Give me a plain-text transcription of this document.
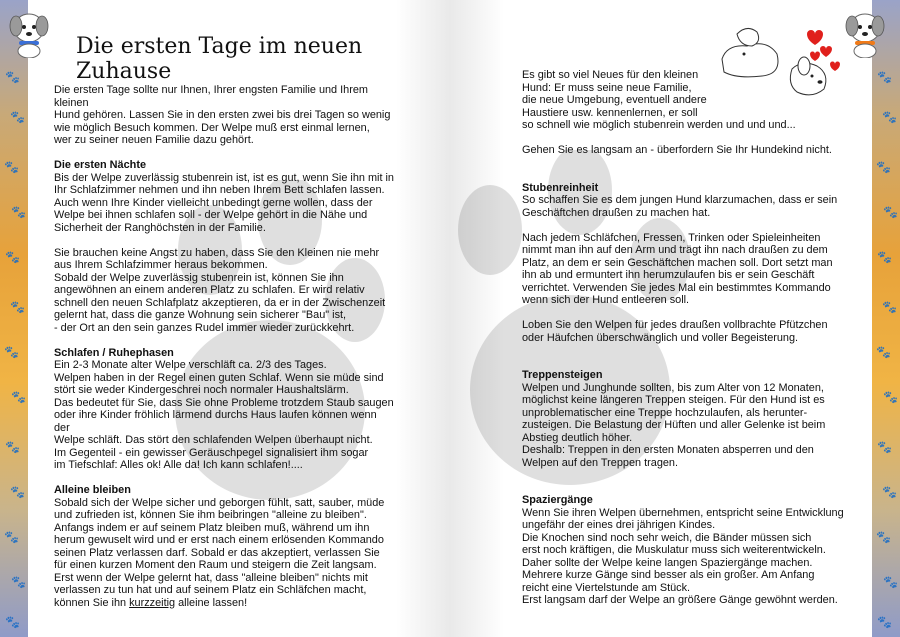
🐾
🐾
🐾
🐾
🐾
🐾
🐾
🐾
🐾
🐾
🐾
🐾
🐾
Die ersten Tage im neuen Zuhause
Die ersten Tage sollte nur Ihnen, Ihrer engsten Familie und Ihrem kleinen
Hund gehören. Lassen Sie in den ersten zwei bis drei Tagen so wenig
wie möglich Besuch kommen. Der Welpe muß erst einmal lernen,
wer zu seiner neuen Familie dazu gehört.
Die ersten Nächte
Bis der Welpe zuverlässig stubenrein ist, ist es gut, wenn Sie ihn mit in
Ihr Schlafzimmer nehmen und ihn neben Ihrem Bett schlafen lassen.
Auch wenn Ihre Kinder vielleicht unbedingt gerne wollen, dass der
Welpe bei ihnen schlafen soll - der Welpe gehört in die Nähe und
Sicherheit der Ranghöchsten in der Familie.
Sie brauchen keine Angst zu haben, dass Sie den Kleinen nie mehr
aus Ihrem Schlafzimmer heraus bekommen.
Sobald der Welpe zuverlässig stubenrein ist, können Sie ihn
angewöhnen an einem anderen Platz zu schlafen. Er wird relativ
schnell den neuen Schlafplatz akzeptieren, da er in der Zwischenzeit
gelernt hat, dass die ganze Wohnung sein sicherer "Bau" ist,
- der Ort an den sein ganzes Rudel immer wieder zurückkehrt.
Schlafen / Ruhephasen
Ein 2-3 Monate alter Welpe verschläft ca. 2/3 des Tages.
Welpen haben in der Regel einen guten Schlaf. Wenn sie müde sind
stört sie weder Kindergeschrei noch normaler Haushaltslärm.
Das bedeutet für Sie, dass Sie ohne Probleme trotzdem Staub saugen
oder ihre Kinder fröhlich lärmend durchs Haus laufen können wenn der
Welpe schläft. Das stört den schlafenden Welpen überhaupt nicht.
Im Gegenteil - ein gewisser Geräuschpegel signalisiert ihm sogar
im Tiefschlaf: Alles ok! Alle da! Ich kann schlafen!....
Alleine bleiben
Sobald sich der Welpe sicher und geborgen fühlt, satt, sauber, müde
und zufrieden ist, können Sie ihm beibringen "alleine zu bleiben".
Anfangs indem er auf seinem Platz bleiben muß, während um ihn
herum gewuselt wird und er erst nach einem erlösenden Kommando
seinen Platz verlassen darf. Sobald er das akzeptiert, verlassen Sie
für einen kurzen Moment den Raum und steigern die Zeit langsam.
Erst wenn der Welpe gelernt hat, dass "alleine bleiben" nichts mit
verlassen zu tun hat und auf seinem Platz ein Schläfchen macht,
können Sie ihn kurzzeitig alleine lassen!
🐾
🐾
🐾
🐾
🐾
🐾
🐾
🐾
🐾
🐾
🐾
🐾
🐾
Es gibt so viel Neues für den kleinen
Hund: Er muss seine neue Familie,
die neue Umgebung, eventuell andere
Haustiere usw. kennenlernen, er soll
so schnell wie möglich stubenrein werden und und und...
Gehen Sie es langsam an - überfordern Sie Ihr Hundekind nicht.
Stubenreinheit
So schaffen Sie es dem jungen Hund klarzumachen, dass er sein
Geschäftchen draußen zu machen hat.
Nach jedem Schläfchen, Fressen, Trinken oder Spieleinheiten
nimmt man ihn auf den Arm und trägt ihn nach draußen zu dem
Platz, an dem er sein Geschäftchen machen soll. Dort setzt man
ihn ab und ermuntert ihn herumzulaufen bis er sein Geschäft
verrichtet. Verwenden Sie jedes Mal ein bestimmtes Kommando
wenn sich der Hund entleeren soll.
Loben Sie den Welpen für jedes draußen vollbrachte Pfützchen
oder Häufchen überschwänglich und voller Begeisterung.
Treppensteigen
Welpen und Junghunde sollten, bis zum Alter von 12 Monaten,
möglichst keine längeren Treppen steigen. Für den Hund ist es
unproblematischer eine Treppe hochzulaufen, als herunter-
zusteigen. Die Belastung der Hüften und aller Gelenke ist beim
Abstieg deutlich höher.
Deshalb: Treppen in den ersten Monaten absperren und den
Welpen auf den Treppen tragen.
Spaziergänge
Wenn Sie ihren Welpen übernehmen, entspricht seine Entwicklung
ungefähr der eines drei jährigen Kindes.
Die Knochen sind noch sehr weich, die Bänder müssen sich
erst noch kräftigen, die Muskulatur muss sich weiterentwickeln.
Daher sollte der Welpe keine langen Spaziergänge machen.
Mehrere kurze Gänge sind besser als ein großer. Am Anfang
reicht eine Viertelstunde am Stück.
Erst langsam darf der Welpe an größere Gänge gewöhnt werden.
